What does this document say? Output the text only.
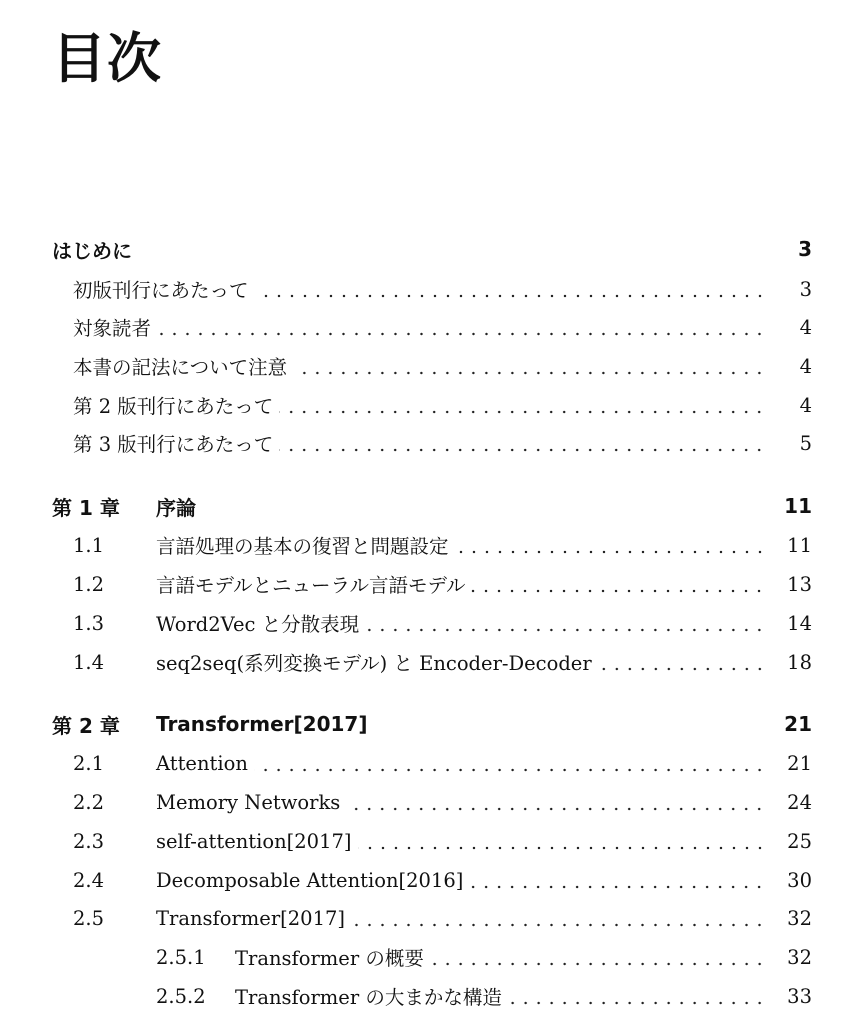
目次
はじめに	3
初版刊行にあたって	3
対象読者	4
本書の記法について注意	4
第 2 版刊行にあたって	4
第 3 版刊行にあたって	5
第 1 章	序論	11
1.1	言語処理の基本の復習と問題設定	11
1.2	言語モデルとニューラル言語モデル	13
1.3	Word2Vec と分散表現	14
1.4	seq2seq(系列変換モデル) と Encoder-Decoder	18
第 2 章	Transformer[2017]	21
2.1	Attention	21
2.2	Memory Networks	24
2.3	self-attention[2017]	25
2.4	Decomposable Attention[2016]	30
2.5	Transformer[2017]	32
2.5.1	Transformer の概要	32
2.5.2	Transformer の大まかな構造	33
